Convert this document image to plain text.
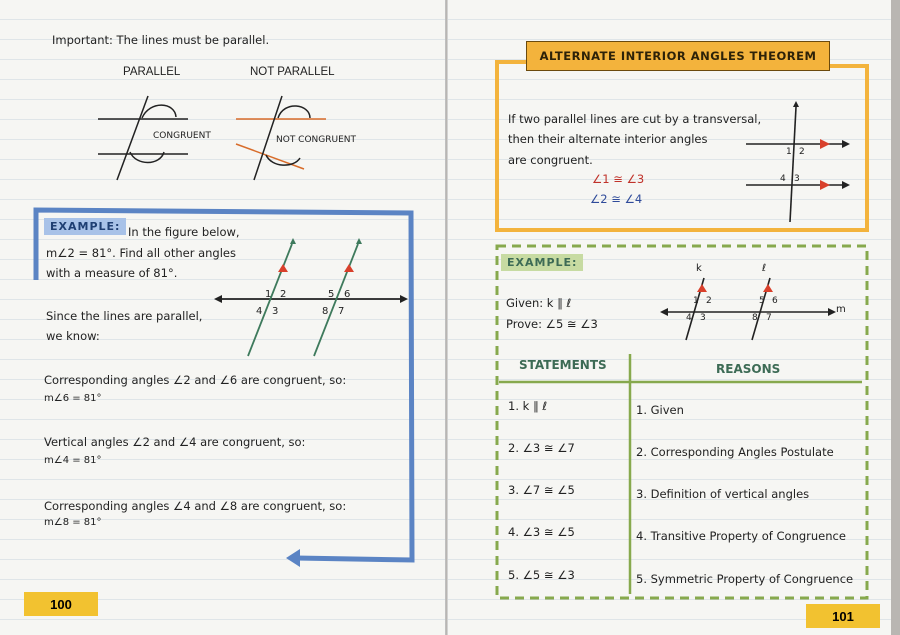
Important: The lines must be parallel.
PARALLEL	NOT PARALLEL
CONGRUENT	NOT CONGRUENT
EXAMPLE: In the figure below,
m∠2 = 81°. Find all other angles
with a measure of 81°.
Since the lines are parallel,
we know:
Corresponding angles ∠2 and ∠6 are congruent, so:
m∠6 = 81°
Vertical angles ∠2 and ∠4 are congruent, so:
m∠4 = 81°
Corresponding angles ∠4 and ∠8 are congruent, so:
m∠8 = 81°
100
1 2
4 3
5 6
8 7
ALTERNATE INTERIOR ANGLES THEOREM
If two parallel lines are cut by a transversal,
then their alternate interior angles
are congruent.
∠1 ≅ ∠3
∠2 ≅ ∠4
1 2
4 3
EXAMPLE:
Given: k ∥ ℓ
Prove: ∠5 ≅ ∠3
k	ℓ
m
1 2
4 3
5 6
8 7
STATEMENTS	REASONS
1. k ∥ ℓ	1. Given
2. ∠3 ≅ ∠7	2. Corresponding Angles Postulate
3. ∠7 ≅ ∠5	3. Definition of vertical angles
4. ∠3 ≅ ∠5	4. Transitive Property of Congruence
5. ∠5 ≅ ∠3	5. Symmetric Property of Congruence
101
